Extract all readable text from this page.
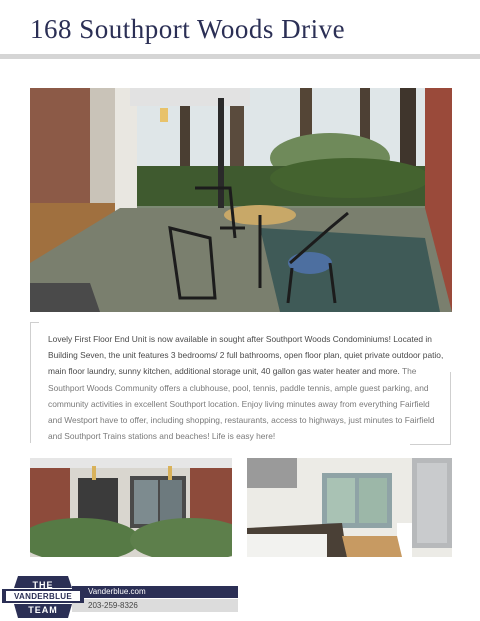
168 Southport Woods Drive
Lovely First Floor End Unit is now available in sought after Southport Woods Condominiums! Located in Building Seven, the unit features 3 bedrooms/ 2 full bathrooms, open floor plan, quiet private outdoor patio, main floor laundry, sunny kitchen, additional storage unit, 40 gallon gas water heater and more. The Southport Woods Community offers a clubhouse, pool, tennis, paddle tennis, ample guest parking, and community activities in excellent Southport location. Enjoy living minutes away from everything Fairfield and Westport have to offer, including shopping, restaurants, access to highways, just minutes to Fairfield and Southport Trains stations and beaches! Life is easy here!
Vanderblue.com
203-259-8326
THE
VANDERBLUE
TEAM
